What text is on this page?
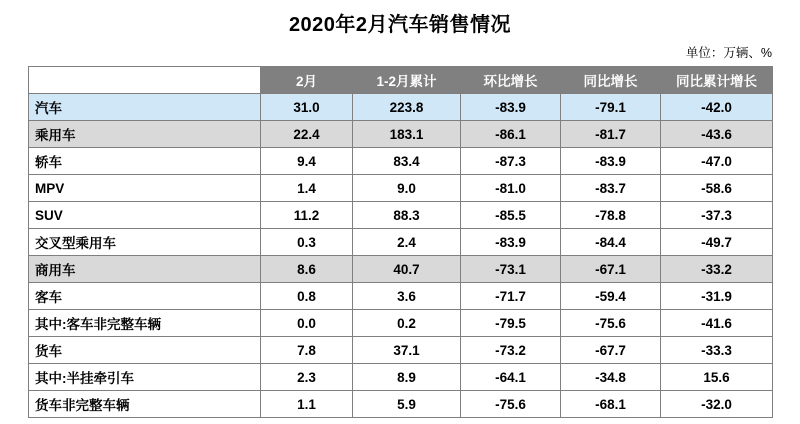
2020年2月汽车销售情况
单位：万辆、%
	2月	1-2月累计	环比增长	同比增长	同比累计增长
汽车	31.0	223.8	-83.9	-79.1	-42.0
乘用车	22.4	183.1	-86.1	-81.7	-43.6
轿车	9.4	83.4	-87.3	-83.9	-47.0
MPV	1.4	9.0	-81.0	-83.7	-58.6
SUV	11.2	88.3	-85.5	-78.8	-37.3
交叉型乘用车	0.3	2.4	-83.9	-84.4	-49.7
商用车	8.6	40.7	-73.1	-67.1	-33.2
客车	0.8	3.6	-71.7	-59.4	-31.9
其中:客车非完整车辆	0.0	0.2	-79.5	-75.6	-41.6
货车	7.8	37.1	-73.2	-67.7	-33.3
其中:半挂牵引车	2.3	8.9	-64.1	-34.8	15.6
货车非完整车辆	1.1	5.9	-75.6	-68.1	-32.0
